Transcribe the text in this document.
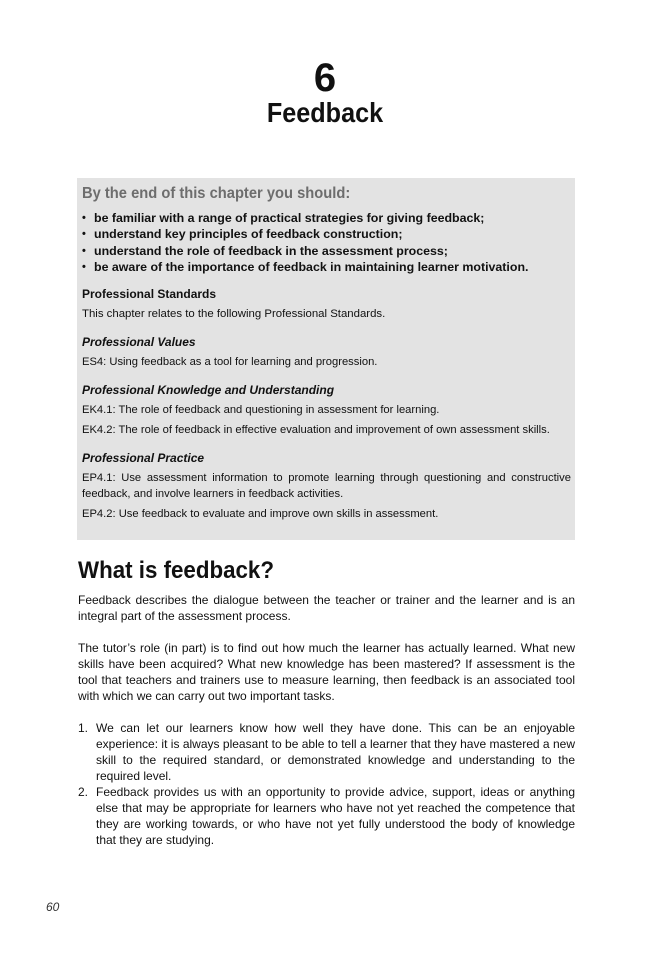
6
Feedback
By the end of this chapter you should:
• be familiar with a range of practical strategies for giving feedback;
• understand key principles of feedback construction;
• understand the role of feedback in the assessment process;
• be aware of the importance of feedback in maintaining learner motivation.
Professional Standards
This chapter relates to the following Professional Standards.
Professional Values
ES4: Using feedback as a tool for learning and progression.
Professional Knowledge and Understanding
EK4.1: The role of feedback and questioning in assessment for learning.
EK4.2: The role of feedback in effective evaluation and improvement of own assessment skills.
Professional Practice
EP4.1: Use assessment information to promote learning through questioning and constructive feedback, and involve learners in feedback activities.
EP4.2: Use feedback to evaluate and improve own skills in assessment.
What is feedback?

Feedback describes the dialogue between the teacher or trainer and the learner and is an integral part of the assessment process.

The tutor’s role (in part) is to find out how much the learner has actually learned. What new skills have been acquired? What new knowledge has been mastered? If assessment is the tool that teachers and trainers use to measure learning, then feedback is an associated tool with which we can carry out two important tasks.

1. We can let our learners know how well they have done. This can be an enjoyable experience: it is always pleasant to be able to tell a learner that they have mastered a new skill to the required standard, or demonstrated knowledge and understanding to the required level.
2. Feedback provides us with an opportunity to provide advice, support, ideas or anything else that may be appropriate for learners who have not yet reached the competence that they are working towards, or who have not yet fully understood the body of knowledge that they are studying.
60
